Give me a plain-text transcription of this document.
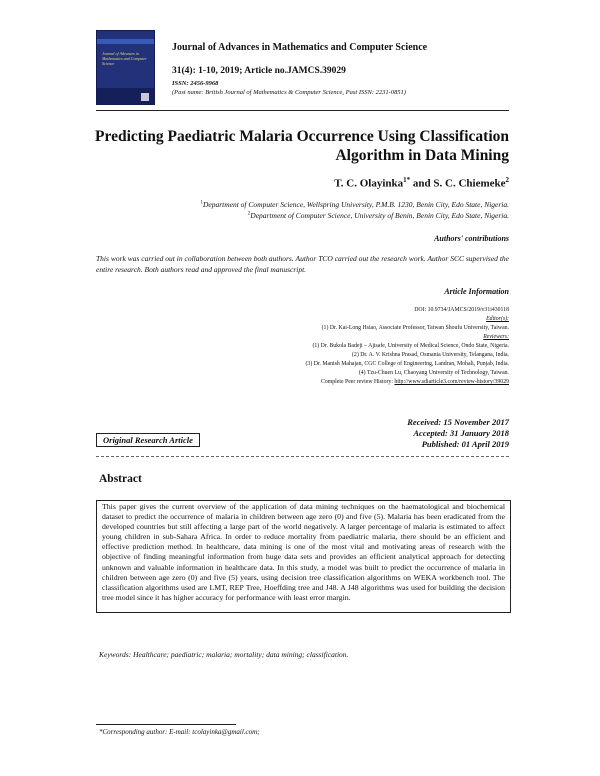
Journal of Advances in Mathematics and Computer Science
Journal of Advances in Mathematics and Computer Science
31(4): 1-10, 2019; Article no.JAMCS.39029
ISSN: 2456-9968
(Past name: British Journal of Mathematics & Computer Science, Past ISSN: 2231-0851)
Predicting Paediatric Malaria Occurrence Using Classification
Algorithm in Data Mining
T. C. Olayinka$^{1*}$ and S. C. Chiemeke$^2$
$^1$Department of Computer Science, Wellspring University, P.M.B. 1230, Benin City, Edo State, Nigeria.
$^2$Department of Computer Science, University of Benin, Benin City, Edo State, Nigeria.
Authors' contributions
This work was carried out in collaboration between both authors. Author TCO carried out the research work. Author SCC supervised the entire research. Both authors read and approved the final manuscript.
Article Information
DOI: 10.9734/JAMCS/2019/v31i430118
Editor(s):
(1) Dr. Kai-Long Hsiao, Associate Professor, Taiwan Shoufu University, Taiwan.
Reviewers:
(1) Dr. Bukola Badeji – Ajisafe, University of Medical Science, Ondo State, Nigeria.
(2) Dr. A. V. Krishna Prasad, Osmania University, Telangana, India.
(3) Dr. Manish Mahajan, CGC College of Engineering, Landran, Mohali, Punjab, India.
(4) Tzu-Chuen Lu, Chaoyang University of Technology, Taiwan.
Complete Peer review History: http://www.sdiarticle3.com/review-history/39029
Received: 15 November 2017
Accepted: 31 January 2018
Published: 01 April 2019
Original Research Article
Abstract

This paper gives the current overview of the application of data mining techniques on the haematological and biochemical dataset to predict the occurrence of malaria in children between age zero (0) and five (5). Malaria has been eradicated from the developed countries but still affecting a large part of the world negatively. A larger percentage of malaria is estimated to affect young children in sub-Sahara Africa. In order to reduce mortality from paediatric malaria, there should be an efficient and effective prediction method. In healthcare, data mining is one of the most vital and motivating areas of research with the objective of finding meaningful information from huge data sets and provides an efficient analytical approach for detecting unknown and valuable information in healthcare data. In this study, a model was built to predict the occurrence of malaria in children between age zero (0) and five (5) years, using decision tree classification algorithms on WEKA workbench tool. The classification algorithms used are LMT, REP Tree, Hoeffding tree and J48. A J48 algorithms was used for building the decision tree model since it has higher accuracy for performance with least error margin.

Keywords: Healthcare; paediatric; malaria; mortality; data mining; classification.
*Corresponding author: E-mail: tcolayinka@gmail.com;
